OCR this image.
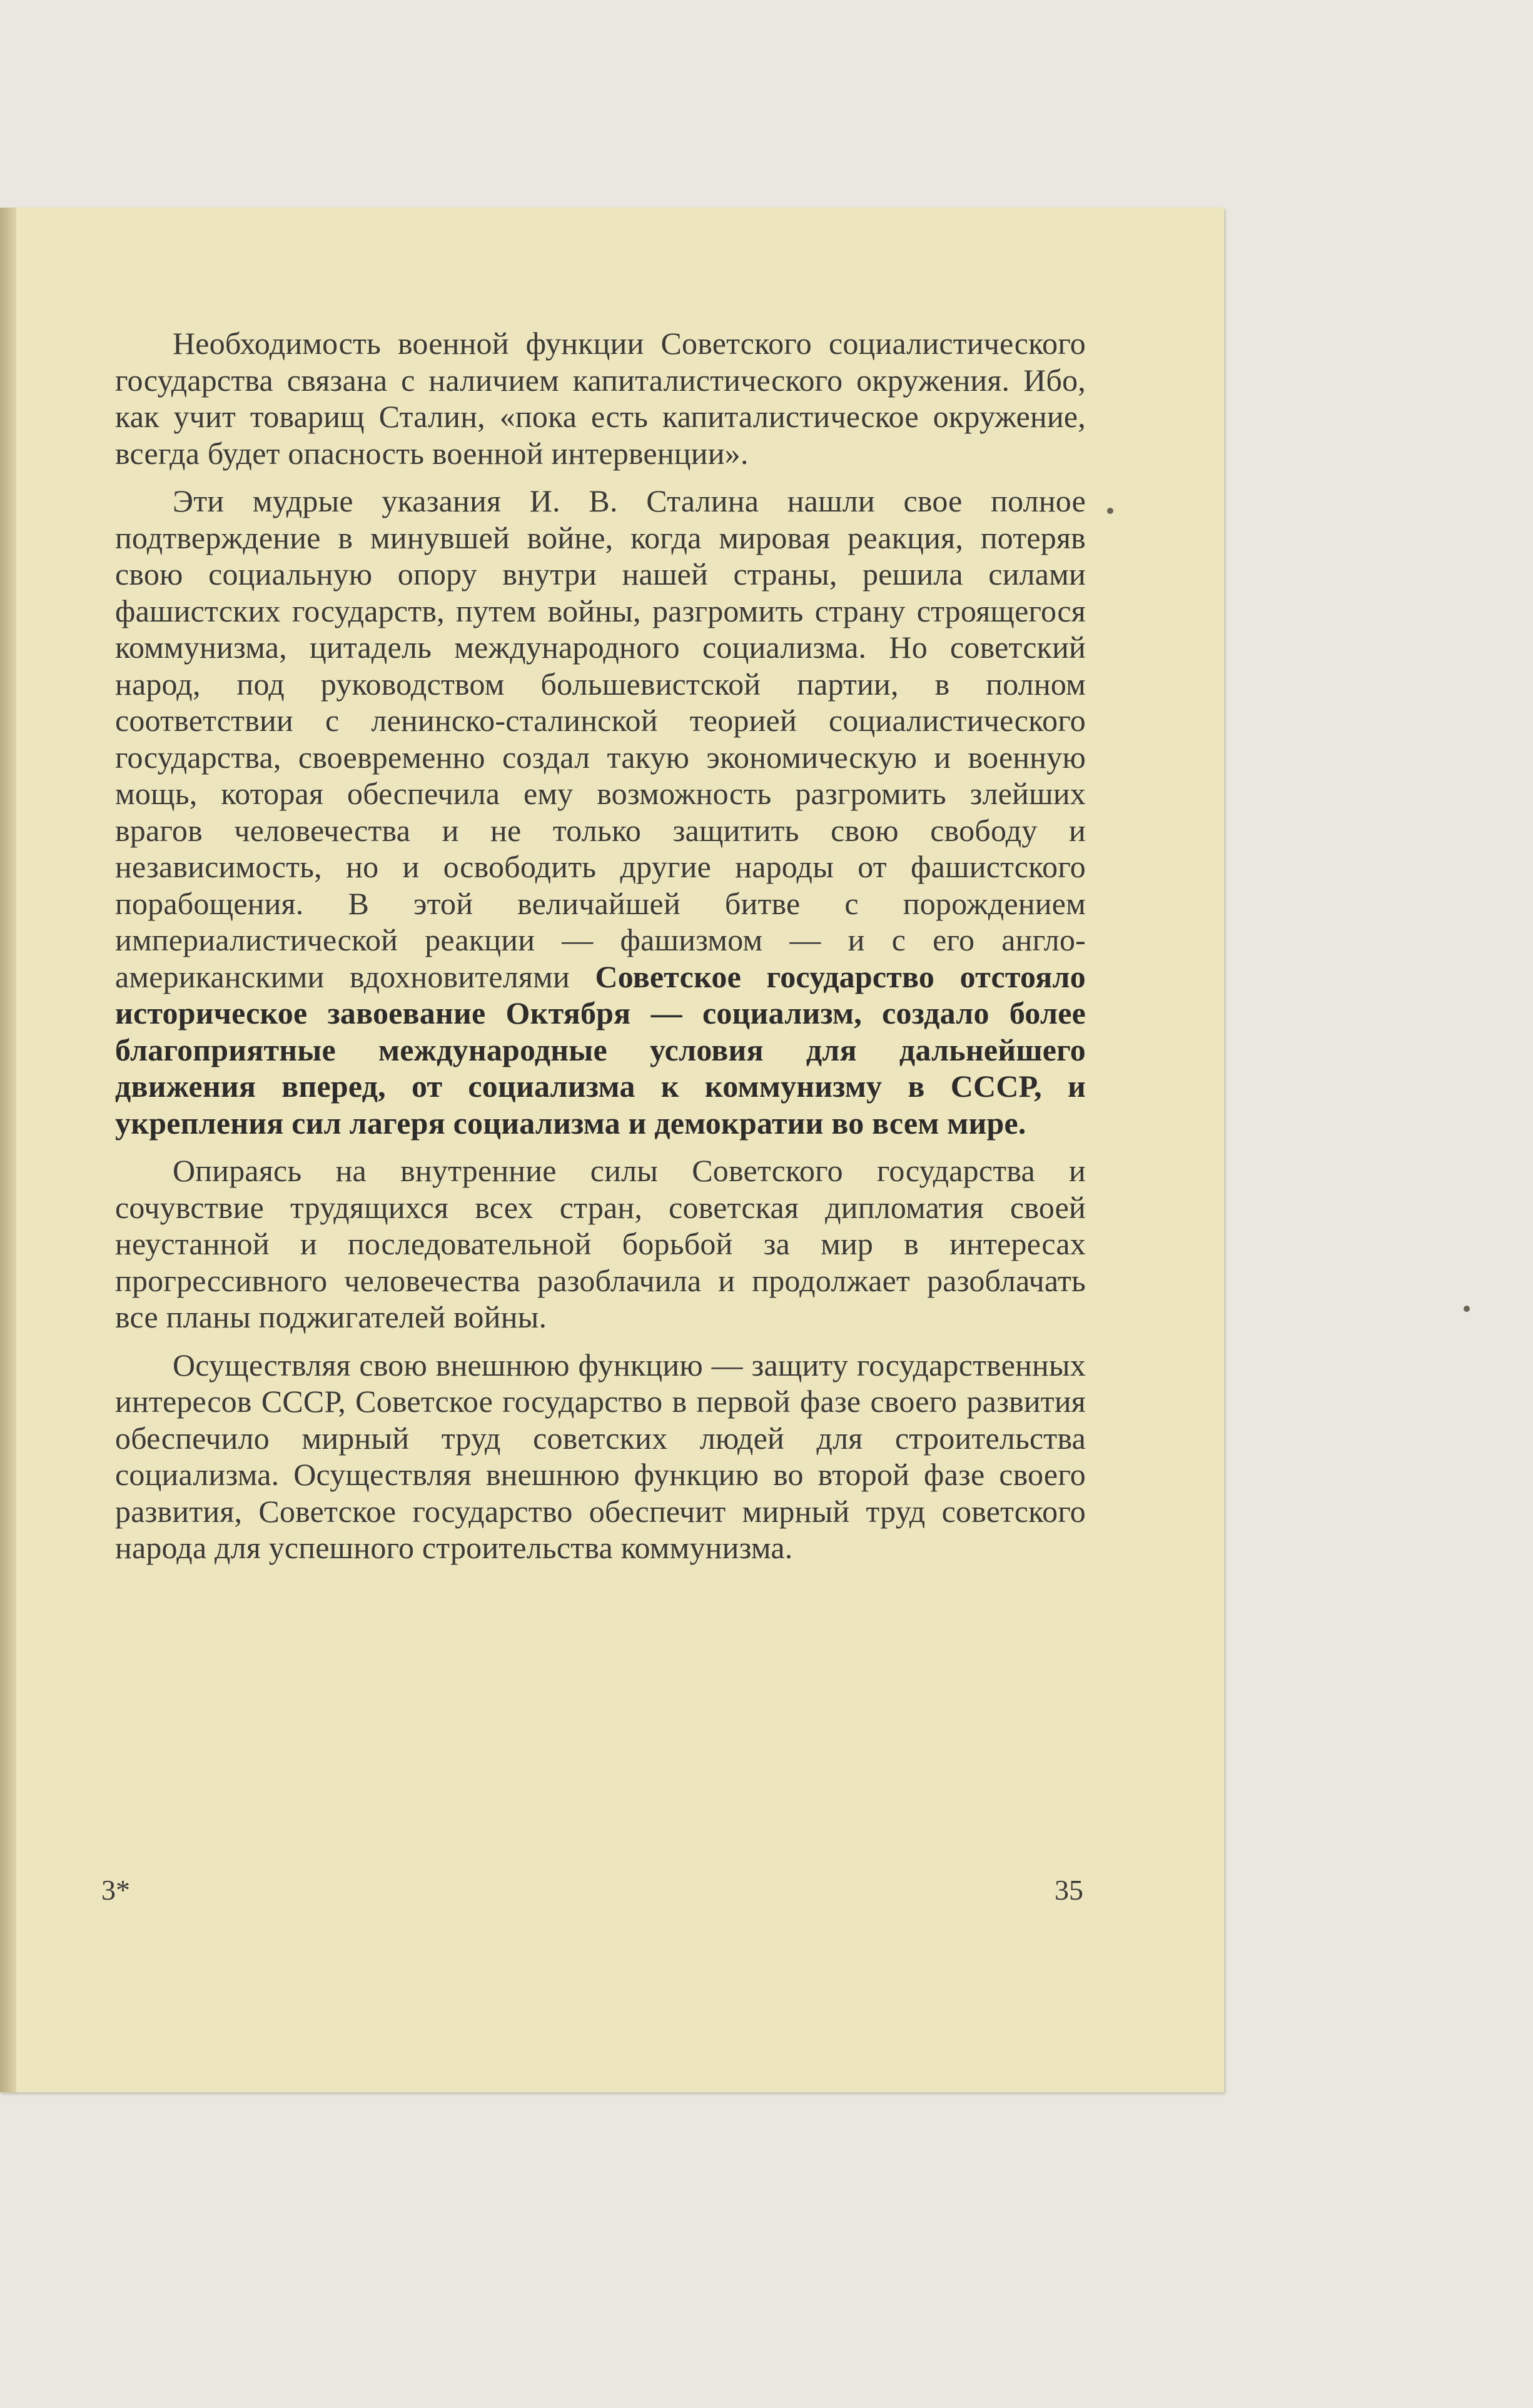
Необходимость военной функции Советского социалистического государства связана с наличием капиталистического окружения. Ибо, как учит товарищ Сталин, «пока есть капиталистическое окружение, всегда будет опасность военной интервенции».

Эти мудрые указания И. В. Сталина нашли свое полное подтверждение в минувшей войне, когда мировая реакция, потеряв свою социальную опору внутри нашей страны, решила силами фашистских государств, путем войны, разгромить страну строящегося коммунизма, цитадель международного социализма. Но советский народ, под руководством большевистской партии, в полном соответствии с ленинско-сталинской теорией социалистического государства, своевременно создал такую экономическую и военную мощь, которая обеспечила ему возможность разгромить злейших врагов человечества и не только защитить свою свободу и независимость, но и освободить другие народы от фашистского порабощения. В этой величайшей битве с порождением империалистической реакции — фашизмом — и с его англо-американскими вдохновителями Советское государство отстояло историческое завоевание Октября — социализм, создало более благоприятные международные условия для дальнейшего движения вперед, от социализма к коммунизму в СССР, и укрепления сил лагеря социализма и демократии во всем мире.

Опираясь на внутренние силы Советского государства и сочувствие трудящихся всех стран, советская дипломатия своей неустанной и последовательной борьбой за мир в интересах прогрессивного человечества разоблачила и продолжает разоблачать все планы поджигателей войны.

Осуществляя свою внешнюю функцию — защиту государственных интересов СССР, Советское государство в первой фазе своего развития обеспечило мирный труд советских людей для строительства социализма. Осуществляя внешнюю функцию во второй фазе своего развития, Советское государство обеспечит мирный труд советского народа для успешного строительства коммунизма.

3*	35
